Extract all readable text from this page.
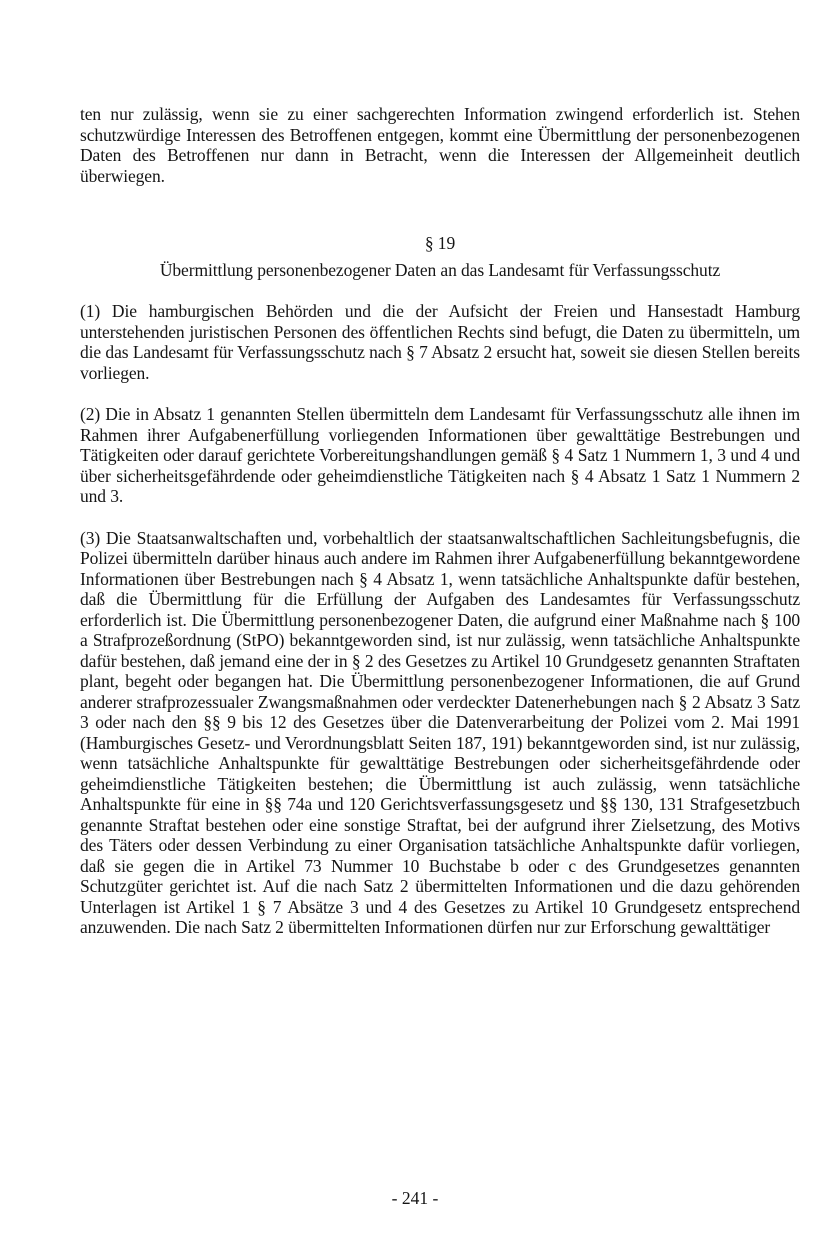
ten nur zulässig, wenn sie zu einer sachgerechten Information zwingend erforderlich ist. Stehen schutzwürdige Interessen des Betroffenen entgegen, kommt eine Übermittlung der personenbezogenen Daten des Betroffenen nur dann in Betracht, wenn die Interessen der Allgemeinheit deutlich überwiegen.

§ 19

Übermittlung personenbezogener Daten an das Landesamt für Verfassungsschutz

(1) Die hamburgischen Behörden und die der Aufsicht der Freien und Hansestadt Hamburg unterstehenden juristischen Personen des öffentlichen Rechts sind befugt, die Daten zu übermitteln, um die das Landesamt für Verfassungsschutz nach § 7 Absatz 2 ersucht hat, soweit sie diesen Stellen bereits vorliegen.

(2) Die in Absatz 1 genannten Stellen übermitteln dem Landesamt für Verfassungsschutz alle ihnen im Rahmen ihrer Aufgabenerfüllung vorliegenden Informationen über gewalttätige Bestrebungen und Tätigkeiten oder darauf gerichtete Vorbereitungshandlungen gemäß § 4 Satz 1 Nummern 1, 3 und 4 und über sicherheitsgefährdende oder geheimdienstliche Tätigkeiten nach § 4 Absatz 1 Satz 1 Nummern 2 und 3.

(3) Die Staatsanwaltschaften und, vorbehaltlich der staatsanwaltschaftlichen Sachleitungsbefugnis, die Polizei übermitteln darüber hinaus auch andere im Rahmen ihrer Aufgabenerfüllung bekanntgewordene Informationen über Bestrebungen nach § 4 Absatz 1, wenn tatsächliche Anhaltspunkte dafür bestehen, daß die Übermittlung für die Erfüllung der Aufgaben des Landesamtes für Verfassungsschutz erforderlich ist. Die Übermittlung personenbezogener Daten, die aufgrund einer Maßnahme nach § 100 a Strafprozeßordnung (StPO) bekanntgeworden sind, ist nur zulässig, wenn tatsächliche Anhaltspunkte dafür bestehen, daß jemand eine der in § 2 des Gesetzes zu Artikel 10 Grundgesetz genannten Straftaten plant, begeht oder begangen hat. Die Übermittlung personenbezogener Informationen, die auf Grund anderer strafprozessualer Zwangsmaßnahmen oder verdeckter Datenerhebungen nach § 2 Absatz 3 Satz 3 oder nach den §§ 9 bis 12 des Gesetzes über die Datenverarbeitung der Polizei vom 2. Mai 1991 (Hamburgisches Gesetz- und Verordnungsblatt Seiten 187, 191) bekanntgeworden sind, ist nur zulässig, wenn tatsächliche Anhaltspunkte für gewalttätige Bestrebungen oder sicherheitsgefährdende oder geheimdienstliche Tätigkeiten bestehen; die Übermittlung ist auch zulässig, wenn tatsächliche Anhaltspunkte für eine in §§ 74a und 120 Gerichtsverfassungsgesetz und §§ 130, 131 Strafgesetzbuch genannte Straftat bestehen oder eine sonstige Straftat, bei der aufgrund ihrer Zielsetzung, des Motivs des Täters oder dessen Verbindung zu einer Organisation tatsächliche Anhaltspunkte dafür vorliegen, daß sie gegen die in Artikel 73 Nummer 10 Buchstabe b oder c des Grundgesetzes genannten Schutzgüter gerichtet ist. Auf die nach Satz 2 übermittelten Informationen und die dazu gehörenden Unterlagen ist Artikel 1 § 7 Absätze 3 und 4 des Gesetzes zu Artikel 10 Grundgesetz entsprechend anzuwenden. Die nach Satz 2 übermittelten Informationen dürfen nur zur Erforschung gewalttätiger

- 241 -
